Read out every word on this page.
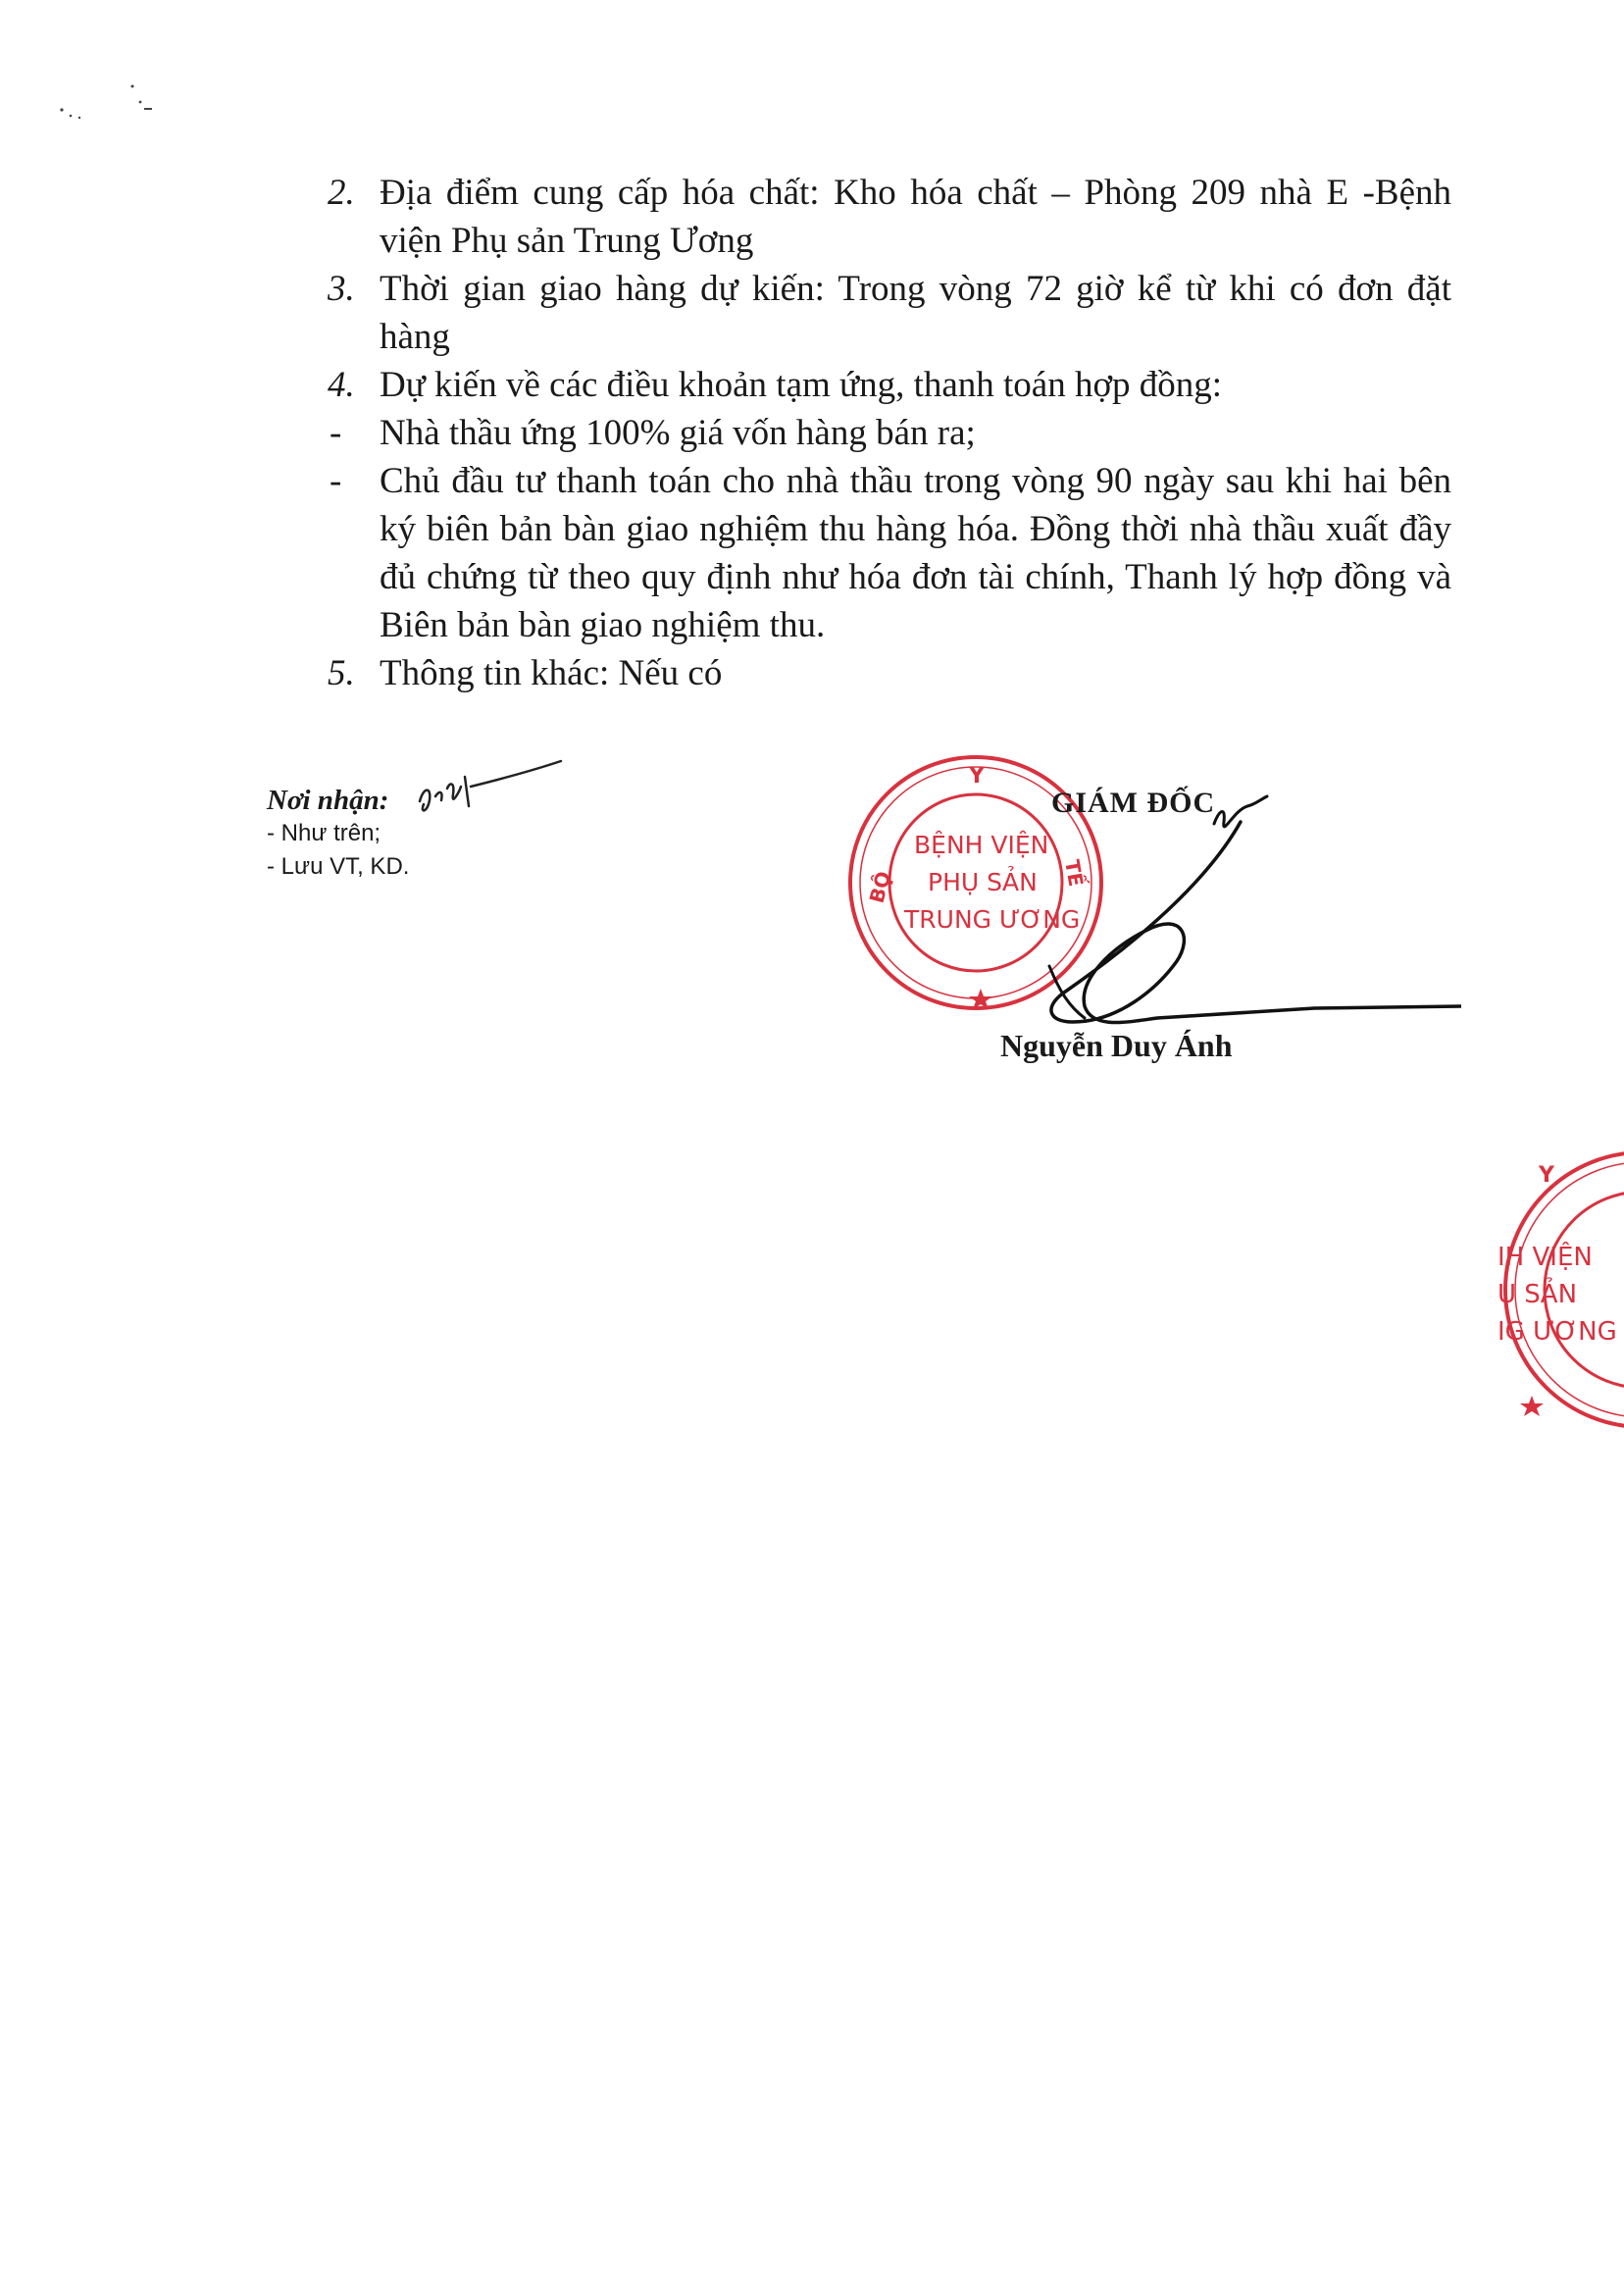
2. Địa điểm cung cấp hóa chất: Kho hóa chất – Phòng 209 nhà E -Bệnh
viện Phụ sản Trung Ương
3. Thời gian giao hàng dự kiến: Trong vòng 72 giờ kể từ khi có đơn đặt
hàng
4. Dự kiến về các điều khoản tạm ứng, thanh toán hợp đồng:
- Nhà thầu ứng 100% giá vốn hàng bán ra;
- Chủ đầu tư thanh toán cho nhà thầu trong vòng 90 ngày sau khi hai bên
ký biên bản bàn giao nghiệm thu hàng hóa. Đồng thời nhà thầu xuất đầy
đủ chứng từ theo quy định như hóa đơn tài chính, Thanh lý hợp đồng và
Biên bản bàn giao nghiệm thu.
5. Thông tin khác: Nếu có
Nơi nhận:
- Như trên;
- Lưu VT, KD.
Y
BỘ	TẾ
BỆNH VIỆN
PHỤ SẢN
TRUNG ƯƠNG
GIÁM ĐỐC
Nguyễn Duy Ánh
Y
IH VIỆN
Ụ SẢN
IG ƯƠNG
